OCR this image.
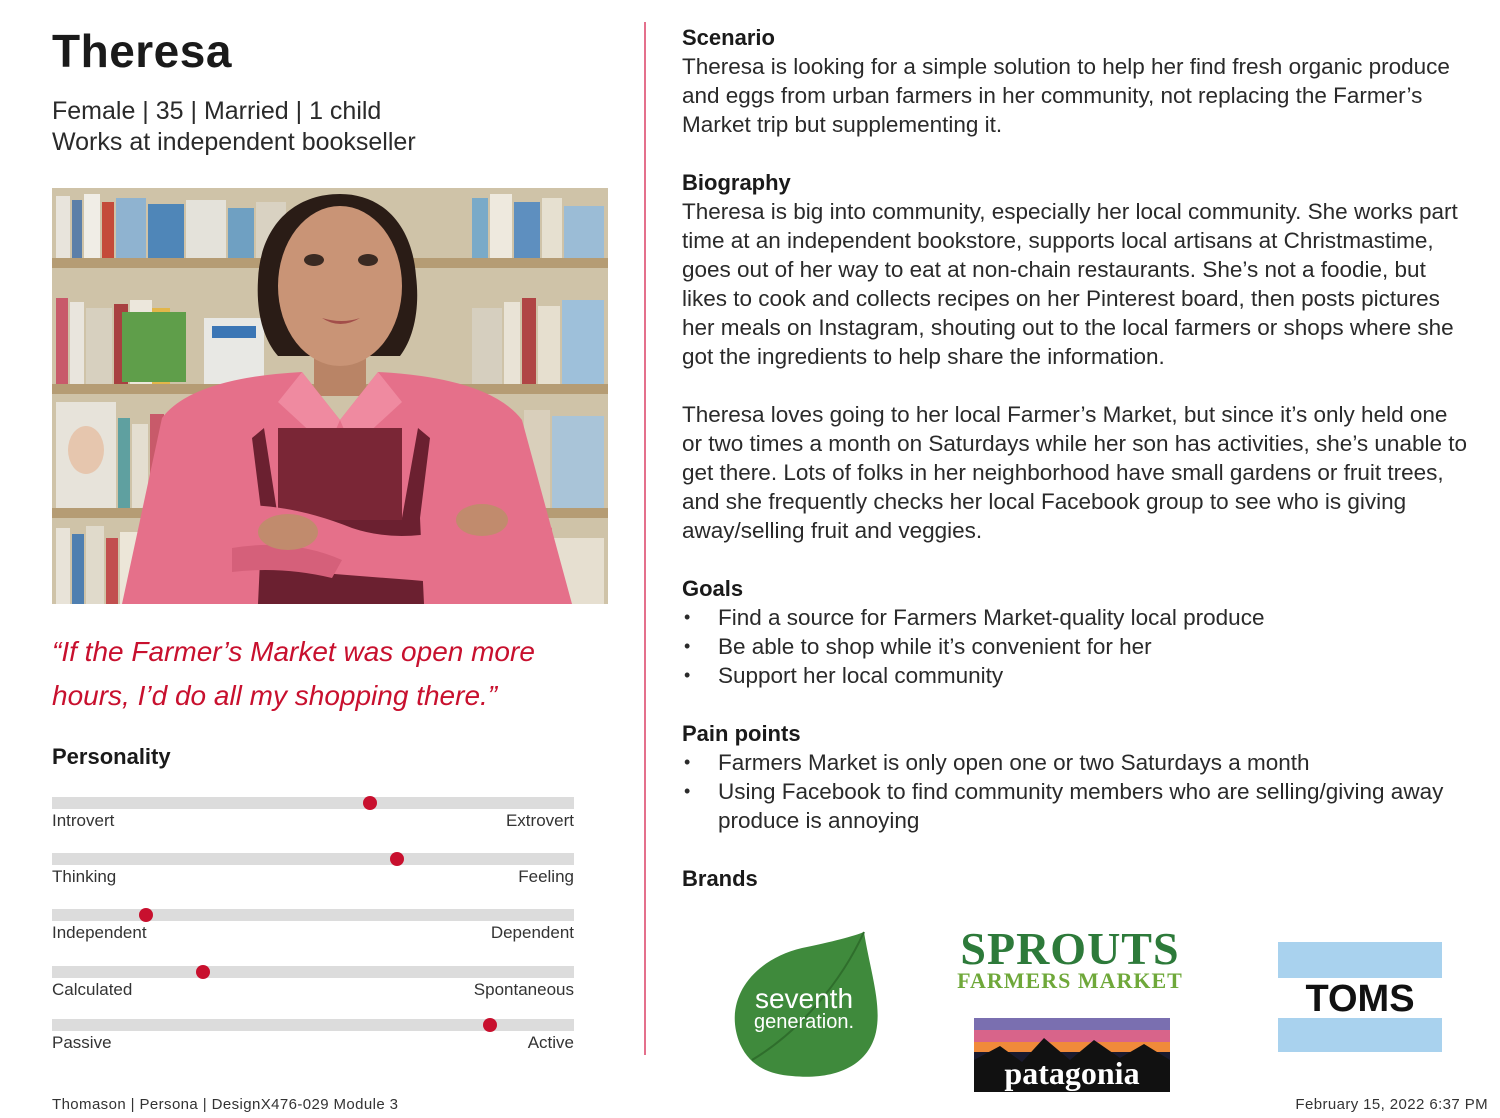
Theresa
Female | 35 | Married | 1 child
Works at independent bookseller
“If the Farmer’s Market was open more hours, I’d do all my shopping there.”
Personality
Introvert	Extrovert
Thinking	Feeling
Independent	Dependent
Calculated	Spontaneous
Passive	Active
Scenario

Theresa is looking for a simple solution to help her find fresh organic produce and eggs from urban farmers in her community, not replacing the Farmer’s Market trip but supplementing it.

Biography

Theresa is big into community, especially her local community. She works part time at an independent bookstore, supports local artisans at Christmastime, goes out of her way to eat at non-chain restaurants. She’s not a foodie, but likes to cook and collects recipes on her Pinterest board, then posts pictures her meals on Instagram, shouting out to the local farmers or shops where she got the ingredients to help share the information.

Theresa loves going to her local Farmer’s Market, but since it’s only held one or two times a month on Saturdays while her son has activities, she’s unable to get there. Lots of folks in her neighborhood have small gardens or fruit trees, and she frequently checks her local Facebook group to see who is giving away/selling fruit and veggies.

Goals
• Find a source for Farmers Market-quality local produce
• Be able to shop while it’s convenient for her
• Support her local community
Pain points
• Farmers Market is only open one or two Saturdays a month
• Using Facebook to find community members who are selling/giving away produce is annoying
Brands
seventh
generation.
SPROUTS
FARMERS MARKET
patagonia
TOMS
Thomason | Persona | DesignX476-029 Module 3	February 15, 2022 6:37 PM
